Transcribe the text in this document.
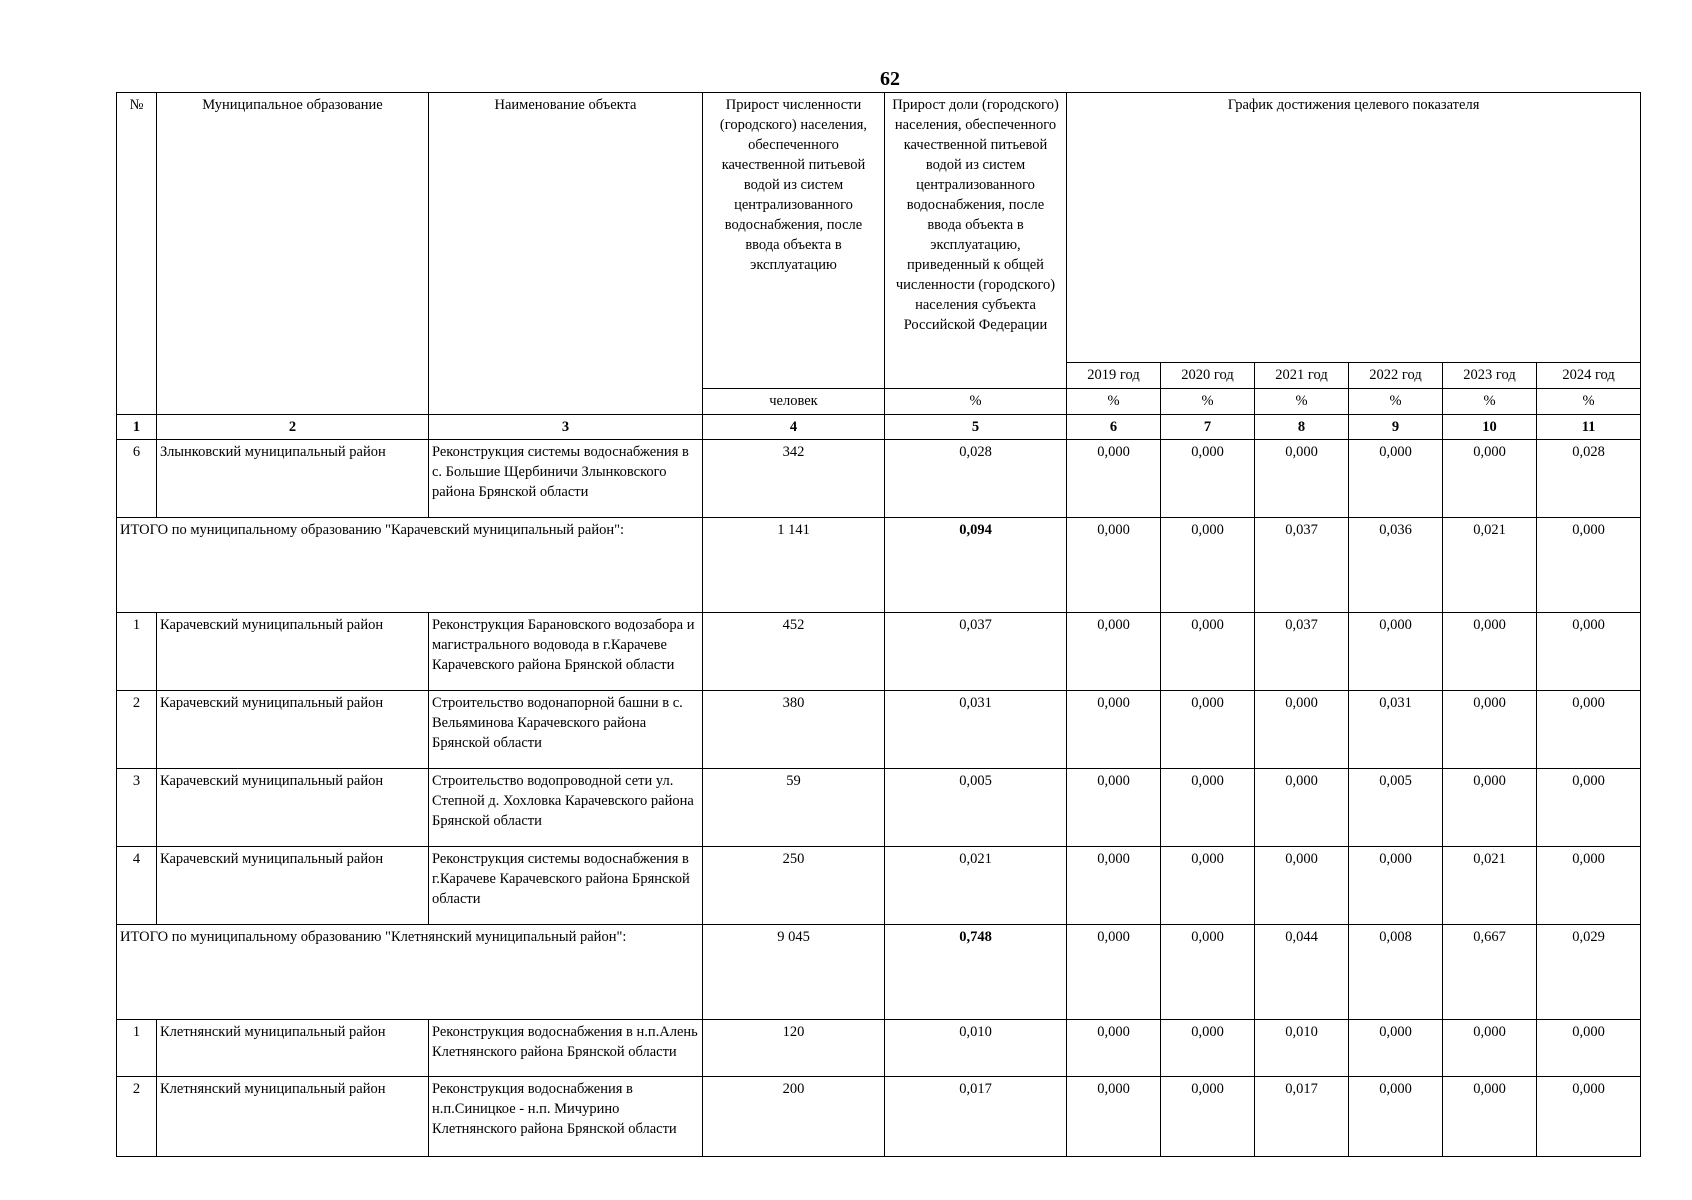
62
№	Муниципальное образование	Наименование объекта	Прирост численности (городского) населения, обеспеченного качественной питьевой водой из систем централизованного водоснабжения, после ввода объекта в эксплуатацию	Прирост доли (городского) населения, обеспеченного качественной питьевой водой из систем централизованного водоснабжения, после ввода объекта в эксплуатацию, приведенный к общей численности (городского) населения субъекта Российской Федерации	График достижения целевого показателя					
					2019 год	2020 год	2021 год	2022 год	2023 год	2024 год
			человек	%	%	%	%	%	%	%
1	2	3	4	5	6	7	8	9	10	11
6	Злынковский муниципальный район	Реконструкция системы водоснабжения в с. Большие Щербиничи Злынковского района Брянской области	342	0,028	0,000	0,000	0,000	0,000	0,000	0,028
ИТОГО по муниципальному образованию "Карачевский муниципальный район":			1 141	0,094	0,000	0,000	0,037	0,036	0,021	0,000
1	Карачевский муниципальный район	Реконструкция Барановского водозабора и магистрального водовода в г.Карачеве Карачевского района Брянской области	452	0,037	0,000	0,000	0,037	0,000	0,000	0,000
2	Карачевский муниципальный район	Строительство водонапорной башни в с. Вельяминова Карачевского района Брянской области	380	0,031	0,000	0,000	0,000	0,031	0,000	0,000
3	Карачевский муниципальный район	Строительство водопроводной сети ул. Степной д. Хохловка Карачевского района Брянской области	59	0,005	0,000	0,000	0,000	0,005	0,000	0,000
4	Карачевский муниципальный район	Реконструкция системы водоснабжения в г.Карачеве Карачевского района Брянской области	250	0,021	0,000	0,000	0,000	0,000	0,021	0,000
ИТОГО по муниципальному образованию "Клетнянский муниципальный район":			9 045	0,748	0,000	0,000	0,044	0,008	0,667	0,029
1	Клетнянский муниципальный район	Реконструкция водоснабжения в н.п.Алень Клетнянского района Брянской области	120	0,010	0,000	0,000	0,010	0,000	0,000	0,000
2	Клетнянский муниципальный район	Реконструкция водоснабжения в н.п.Синицкое - н.п. Мичурино Клетнянского района Брянской области	200	0,017	0,000	0,000	0,017	0,000	0,000	0,000
